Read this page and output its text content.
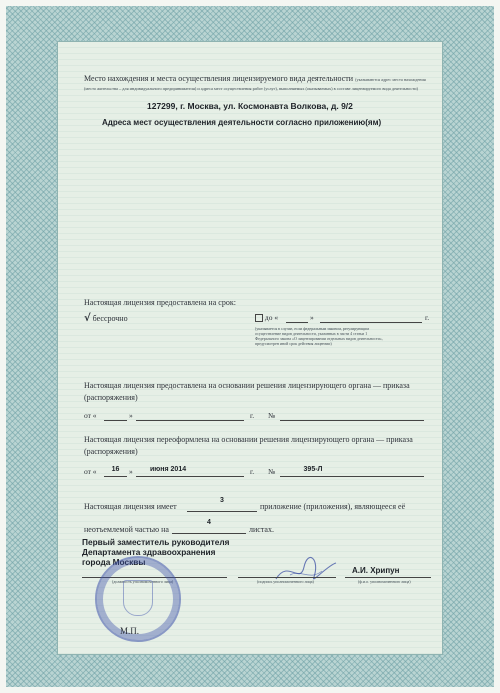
Место нахождения и места осуществления лицензируемого вида деятельности (указываются адрес места нахождения (место жительства – для индивидуального предпринимателя) и адреса мест осуществления работ (услуг), выполняемых (оказываемых) в составе лицензируемого вида деятельности)
127299, г. Москва, ул. Космонавта Волкова, д. 9/2
Адреса мест осуществления деятельности согласно приложению(ям)
Настоящая лицензия предоставлена на срок:
√ бессрочно	до «	»	г.
(указывается в случае, если федеральным законом, регулирующим осуществление видов деятельности, указанных в части 4 статьи 1 Федерального закона «О лицензировании отдельных видов деятельности», предусмотрен иной срок действия лицензии)
Настоящая лицензия предоставлена на основании решения лицензирующего органа — приказа (распоряжения)
от «	»	г. №
Настоящая лицензия переоформлена на основании решения лицензирующего органа — приказа (распоряжения)
от «	16	»	июня 2014	г. №	395-Л
Настоящая лицензия имеет
3
приложение (приложения), являющееся её
неотъемлемой частью на
4
листах.
Первый заместитель руководителя Департамента здравоохранения города Москвы
(должность уполномоченного лица)	(подпись уполномоченного лица)
А.И. Хрипун
(ф.и.о. уполномоченного лица)
М.П.
